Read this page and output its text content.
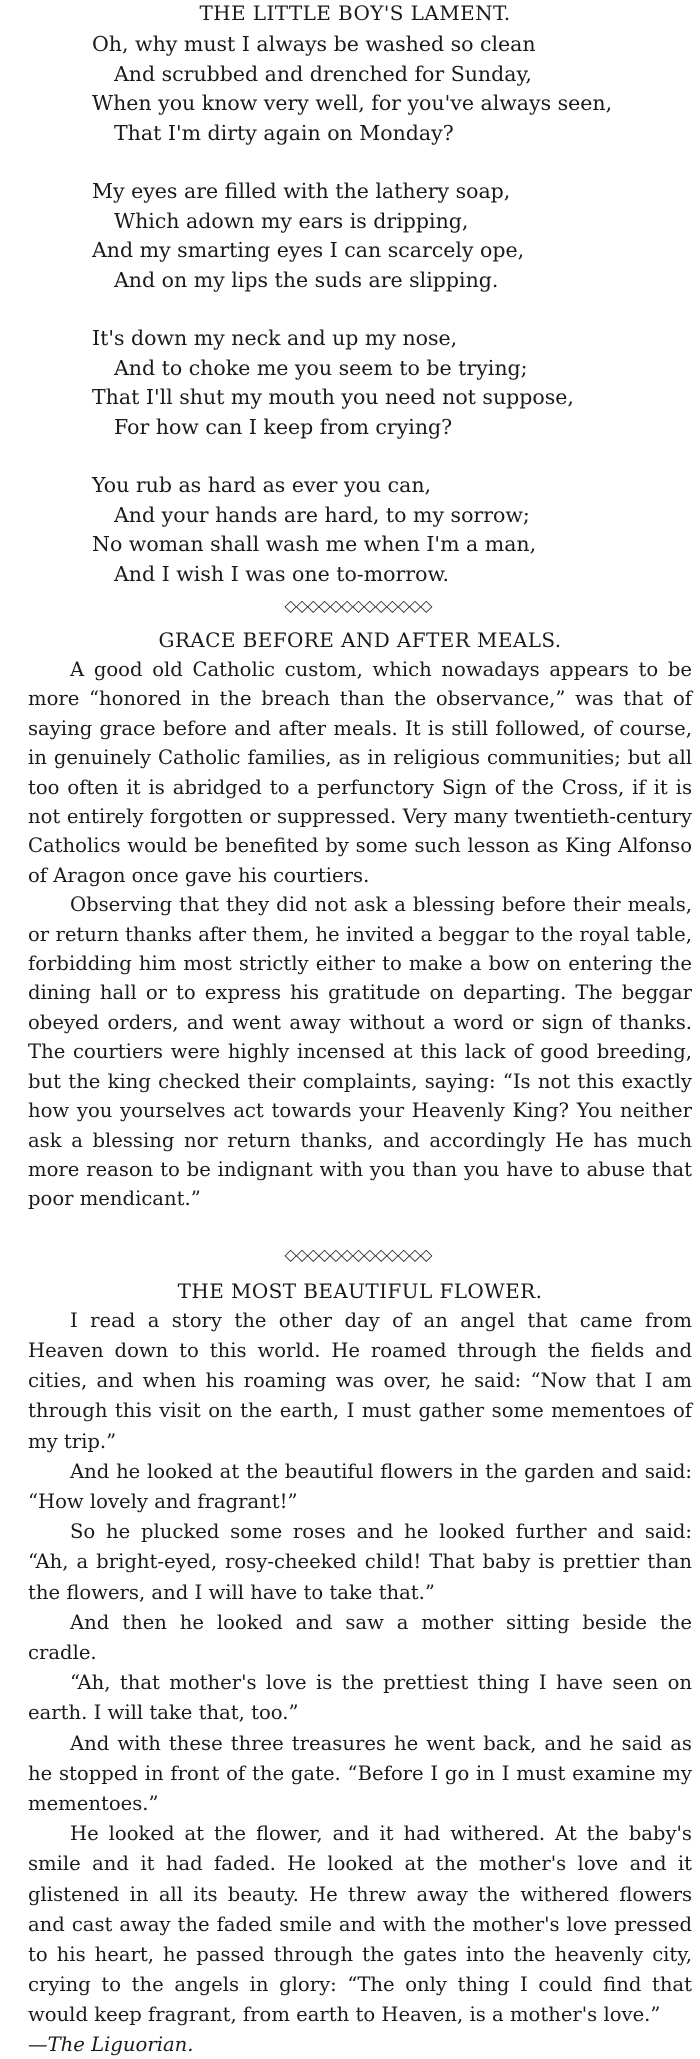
THE LITTLE BOY'S LAMENT.
Oh, why must I always be washed so clean
And scrubbed and drenched for Sunday,
When you know very well, for you've always seen,
That I'm dirty again on Monday?
My eyes are filled with the lathery soap,
Which adown my ears is dripping,
And my smarting eyes I can scarcely ope,
And on my lips the suds are slipping.
It's down my neck and up my nose,
And to choke me you seem to be trying;
That I'll shut my mouth you need not suppose,
For how can I keep from crying?
You rub as hard as ever you can,
And your hands are hard, to my sorrow;
No woman shall wash me when I'm a man,
And I wish I was one to-morrow.
◇◇◇◇◇◇◇◇◇◇◇◇◇
GRACE BEFORE AND AFTER MEALS.

A good old Catholic custom, which nowadays appears to be more “honored in the breach than the observance,” was that of saying grace before and after meals. It is still followed, of course, in genuinely Catholic families, as in religious communities; but all too often it is abridged to a perfunctory Sign of the Cross, if it is not entirely forgotten or suppressed. Very many twentieth-century Catholics would be benefited by some such lesson as King Alfonso of Aragon once gave his courtiers.

Observing that they did not ask a blessing before their meals, or return thanks after them, he invited a beggar to the royal table, forbidding him most strictly either to make a bow on entering the dining hall or to express his gratitude on departing. The beggar obeyed orders, and went away without a word or sign of thanks. The courtiers were highly incensed at this lack of good breeding, but the king checked their complaints, saying: “Is not this exactly how you yourselves act towards your Heavenly King? You neither ask a blessing nor return thanks, and accordingly He has much more reason to be indignant with you than you have to abuse that poor mendicant.”

◇◇◇◇◇◇◇◇◇◇◇◇◇
THE MOST BEAUTIFUL FLOWER.

I read a story the other day of an angel that came from Heaven down to this world. He roamed through the fields and cities, and when his roaming was over, he said: “Now that I am through this visit on the earth, I must gather some mementoes of my trip.”

And he looked at the beautiful flowers in the garden and said: “How lovely and fragrant!”

So he plucked some roses and he looked further and said: “Ah, a bright-eyed, rosy-cheeked child! That baby is prettier than the flowers, and I will have to take that.”

And then he looked and saw a mother sitting beside the cradle.

“Ah, that mother's love is the prettiest thing I have seen on earth. I will take that, too.”

And with these three treasures he went back, and he said as he stopped in front of the gate. “Before I go in I must examine my mementoes.”

He looked at the flower, and it had withered. At the baby's smile and it had faded. He looked at the mother's love and it glistened in all its beauty. He threw away the withered flowers and cast away the faded smile and with the mother's love pressed to his heart, he passed through the gates into the heavenly city, crying to the angels in glory: “The only thing I could find that would keep fragrant, from earth to Heaven, is a mother's love.”

—The Liguorian.
